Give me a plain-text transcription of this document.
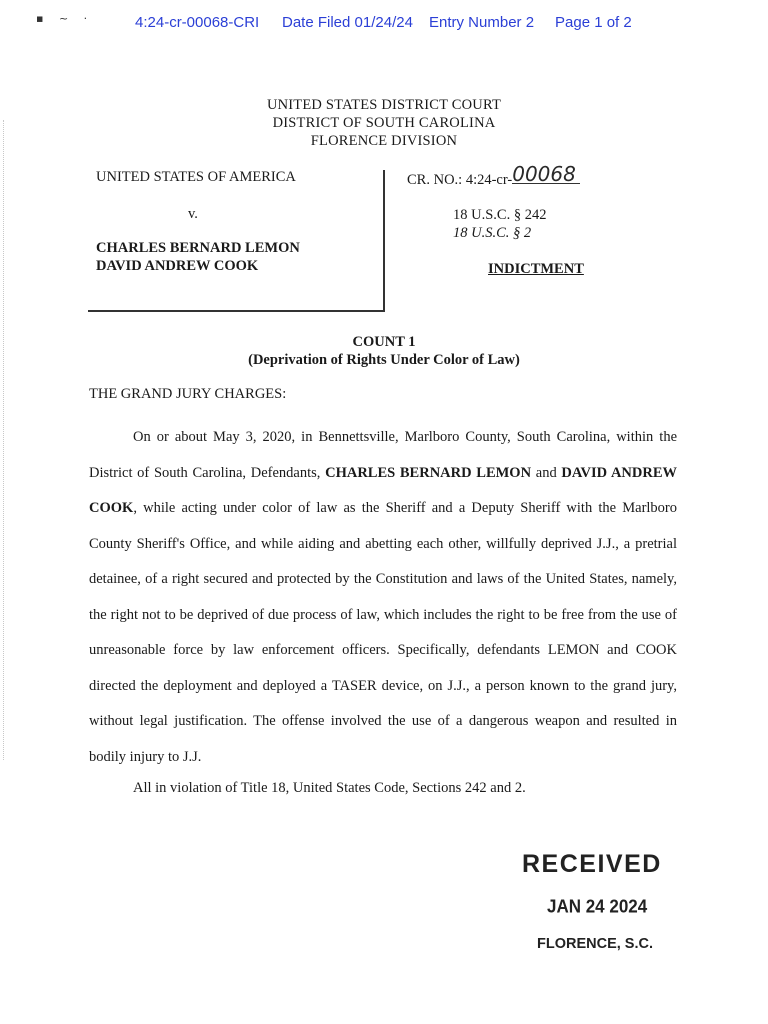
▪ ~ ·	4:24-cr-00068-CRI Date Filed 01/24/24 Entry Number 2 Page 1 of 2
UNITED STATES DISTRICT COURT
DISTRICT OF SOUTH CAROLINA
FLORENCE DIVISION
UNITED STATES OF AMERICA
v.
CHARLES BERNARD LEMON
DAVID ANDREW COOK
CR. NO.: 4:24-cr-00068
18 U.S.C. § 242
18 U.S.C. § 2
INDICTMENT
COUNT 1
(Deprivation of Rights Under Color of Law)
THE GRAND JURY CHARGES:

On or about May 3, 2020, in Bennettsville, Marlboro County, South Carolina, within the District of South Carolina, Defendants, CHARLES BERNARD LEMON and DAVID ANDREW COOK, while acting under color of law as the Sheriff and a Deputy Sheriff with the Marlboro County Sheriff's Office, and while aiding and abetting each other, willfully deprived J.J., a pretrial detainee, of a right secured and protected by the Constitution and laws of the United States, namely, the right not to be deprived of due process of law, which includes the right to be free from the use of unreasonable force by law enforcement officers. Specifically, defendants LEMON and COOK directed the deployment and deployed a TASER device, on J.J., a person known to the grand jury, without legal justification. The offense involved the use of a dangerous weapon and resulted in bodily injury to J.J.

All in violation of Title 18, United States Code, Sections 242 and 2.
RECEIVED
JAN 24 2024
FLORENCE, S.C.
